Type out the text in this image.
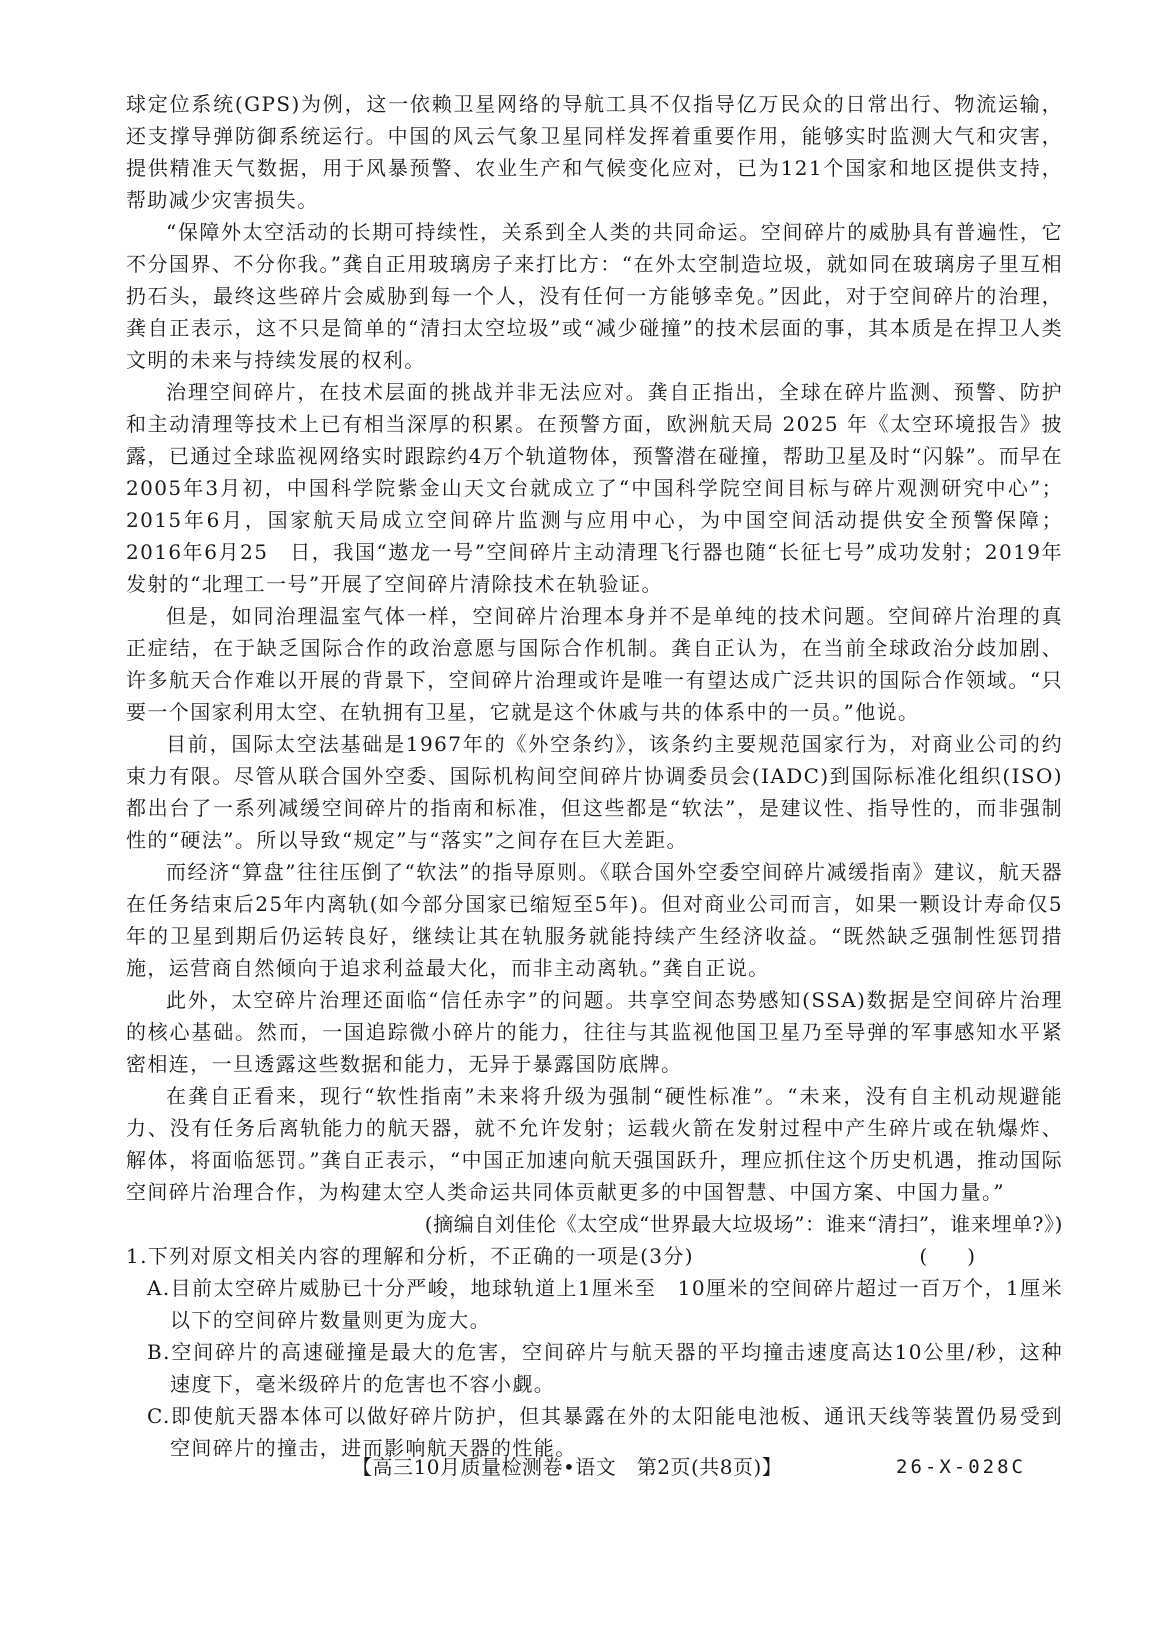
球定位系统(GPS)为例，这一依赖卫星网络的导航工具不仅指导亿万民众的日常出行、物流运输，还支撑导弹防御系统运行。中国的风云气象卫星同样发挥着重要作用，能够实时监测大气和灾害，提供精准天气数据，用于风暴预警、农业生产和气候变化应对，已为121个国家和地区提供支持，帮助减少灾害损失。

“保障外太空活动的长期可持续性，关系到全人类的共同命运。空间碎片的威胁具有普遍性，它不分国界、不分你我。”龚自正用玻璃房子来打比方：“在外太空制造垃圾，就如同在玻璃房子里互相扔石头，最终这些碎片会威胁到每一个人，没有任何一方能够幸免。”因此，对于空间碎片的治理，龚自正表示，这不只是简单的“清扫太空垃圾”或“减少碰撞”的技术层面的事，其本质是在捍卫人类文明的未来与持续发展的权利。

治理空间碎片，在技术层面的挑战并非无法应对。龚自正指出，全球在碎片监测、预警、防护和主动清理等技术上已有相当深厚的积累。在预警方面，欧洲航天局 2025 年《太空环境报告》披露，已通过全球监视网络实时跟踪约4万个轨道物体，预警潜在碰撞，帮助卫星及时“闪躲”。而早在2005年3月初，中国科学院紫金山天文台就成立了“中国科学院空间目标与碎片观测研究中心”；2015年6月，国家航天局成立空间碎片监测与应用中心，为中国空间活动提供安全预警保障；2016年6月25　日，我国“遨龙一号”空间碎片主动清理飞行器也随“长征七号”成功发射；2019年发射的“北理工一号”开展了空间碎片清除技术在轨验证。

但是，如同治理温室气体一样，空间碎片治理本身并不是单纯的技术问题。空间碎片治理的真正症结，在于缺乏国际合作的政治意愿与国际合作机制。龚自正认为，在当前全球政治分歧加剧、许多航天合作难以开展的背景下，空间碎片治理或许是唯一有望达成广泛共识的国际合作领域。“只要一个国家利用太空、在轨拥有卫星，它就是这个休戚与共的体系中的一员。”他说。

目前，国际太空法基础是1967年的《外空条约》，该条约主要规范国家行为，对商业公司的约束力有限。尽管从联合国外空委、国际机构间空间碎片协调委员会(IADC)到国际标准化组织(ISO)都出台了一系列减缓空间碎片的指南和标准，但这些都是“软法”，是建议性、指导性的，而非强制性的“硬法”。所以导致“规定”与“落实”之间存在巨大差距。

而经济“算盘”往往压倒了“软法”的指导原则。《联合国外空委空间碎片减缓指南》建议，航天器在任务结束后25年内离轨(如今部分国家已缩短至5年)。但对商业公司而言，如果一颗设计寿命仅5年的卫星到期后仍运转良好，继续让其在轨服务就能持续产生经济收益。“既然缺乏强制性惩罚措施，运营商自然倾向于追求利益最大化，而非主动离轨。”龚自正说。

此外，太空碎片治理还面临“信任赤字”的问题。共享空间态势感知(SSA)数据是空间碎片治理的核心基础。然而，一国追踪微小碎片的能力，往往与其监视他国卫星乃至导弹的军事感知水平紧密相连，一旦透露这些数据和能力，无异于暴露国防底牌。

在龚自正看来，现行“软性指南”未来将升级为强制“硬性标准”。“未来，没有自主机动规避能力、没有任务后离轨能力的航天器，就不允许发射；运载火箭在发射过程中产生碎片或在轨爆炸、解体，将面临惩罚。”龚自正表示，“中国正加速向航天强国跃升，理应抓住这个历史机遇，推动国际空间碎片治理合作，为构建太空人类命运共同体贡献更多的中国智慧、中国方案、中国力量。”

(摘编自刘佳伦《太空成“世界最大垃圾场”：谁来“清扫”，谁来埋单?》)

1.下列对原文相关内容的理解和分析，不正确的一项是(3分)	(　　)

A.目前太空碎片威胁已十分严峻，地球轨道上1厘米至　10厘米的空间碎片超过一百万个，1厘米以下的空间碎片数量则更为庞大。

B.空间碎片的高速碰撞是最大的危害，空间碎片与航天器的平均撞击速度高达10公里/秒，这种速度下，毫米级碎片的危害也不容小觑。

C.即使航天器本体可以做好碎片防护，但其暴露在外的太阳能电池板、通讯天线等装置仍易受到空间碎片的撞击，进而影响航天器的性能。

【高三10月质量检测卷•语文　第2页(共8页)】	26-X-028C
